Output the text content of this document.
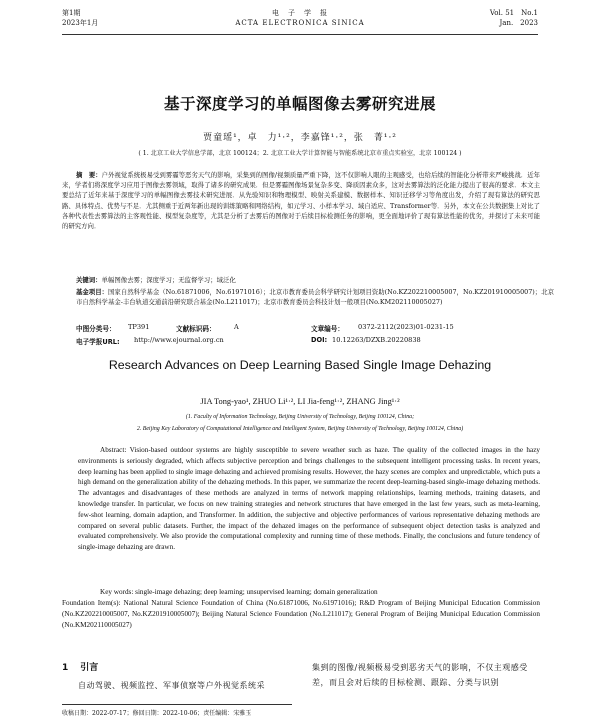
第1期
2023年1月
电　子　学　报
ACTA ELECTRONICA SINICA
Vol. 51　No.1
Jan.　2023
基于深度学习的单幅图像去雾研究进展
贾童瑶¹，卓　力¹·²，李嘉锋¹·²，张　菁¹·²
( 1. 北京工业大学信息学部，北京 100124；2. 北京工业大学计算智能与智能系统北京市重点实验室，北京 100124 )
摘　要：户外视觉系统极易受到雾霾等恶劣天气的影响，采集到的图像/视频质量严重下降，这不仅影响人眼的主观感受，也给后续的智能化分析带来严峻挑战．近年来，学者们将深度学习应用于图像去雾领域，取得了诸多的研究成果．但是雾霾图像场景复杂多变、降质因素众多，这对去雾算法的泛化能力提出了很高的要求．本文主要总结了近年来基于深度学习的单幅图像去雾技术研究进展．从先验知识和物理模型、映射关系建模、数据样本、知识迁移学习等角度出发，介绍了现有算法的研究思路、具体特点、优势与不足．尤其侧重于近两年新出现的训练策略和网络结构，如元学习、小样本学习、域自适应、Transformer等．另外，本文在公共数据集上对比了各种代表性去雾算法的主客观性能、模型复杂度等，尤其是分析了去雾后的图像对于后续目标检测任务的影响，更全面地评价了现有算法性能的优劣，并探讨了未来可能的研究方向．
关键词：单幅图像去雾；深度学习；无监督学习；域泛化
基金项目：国家自然科学基金（No.61871006，No.61971016）；北京市教育委员会科学研究计划项目资助(No.KZ202210005007，No.KZ201910005007)；北京市自然科学基金-丰台轨道交通前沿研究联合基金(No.L211017)；北京市教育委员会科技计划一般项目(No.KM202110005027)
中图分类号： TP391	文献标识码：	A	文章编号： 0372-2112(2023)01-0231-15
电子学报URL: http://www.ejournal.org.cn	DOI: 10.12263/DZXB.20220838
Research Advances on Deep Learning Based Single Image Dehazing
JIA Tong-yao¹, ZHUO Li¹·², LI Jia-feng¹·², ZHANG Jing¹·²
(1. Faculty of Information Technology, Beijing University of Technology, Beijing 100124, China;
2. Beijing Key Laboratory of Computational Intelligence and Intelligent System, Beijing University of Technology, Beijing 100124, China)
Abstract: Vision-based outdoor systems are highly susceptible to severe weather such as haze. The quality of the collected images in the hazy environments is seriously degraded, which affects subjective perception and brings challenges to the subsequent intelligent processing tasks. In recent years, deep learning has been applied to single image dehazing and achieved promising results. However, the hazy scenes are complex and unpredictable, which puts a high demand on the generalization ability of the dehazing methods. In this paper, we summarize the recent deep-learning-based single-image dehazing methods. The advantages and disadvantages of these methods are analyzed in terms of network mapping relationships, learning methods, training datasets, and knowledge transfer. In particular, we focus on new training strategies and network structures that have emerged in the last few years, such as meta-learning, few-shot learning, domain adaption, and Transformer. In addition, the subjective and objective performances of various representative dehazing methods are compared on several public datasets. Further, the impact of the dehazed images on the performance of subsequent object detection tasks is analyzed and evaluated comprehensively. We also provide the computational complexity and running time of these methods. Finally, the conclusions and future tendency of single-image dehazing are drawn.
Key words: single-image dehazing; deep learning; unsupervised learning; domain generalization
Foundation Item(s): National Natural Science Foundation of China (No.61871006, No.61971016); R&D Program of Beijing Municipal Education Commission (No.KZ202210005007, No.KZ201910005007); Beijing Natural Science Foundation (No.L211017); General Program of Beijing Municipal Education Commission (No.KM202110005027)
1 引言
自动驾驶、视频监控、军事侦察等户外视觉系统采
集到的图像/视频极易受到恶劣天气的影响，不仅主观感受差，而且会对后续的目标检测、跟踪、分类与识别
收稿日期：2022-07-17；修回日期：2022-10-06；责任编辑：宋雅玉
